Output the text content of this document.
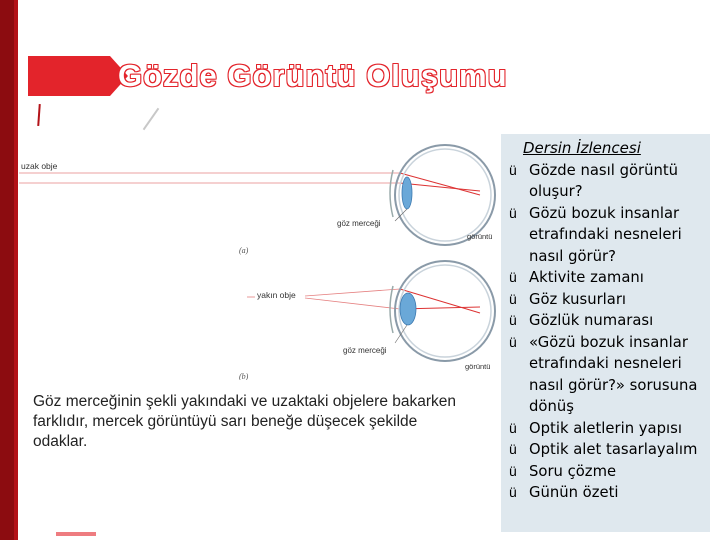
Gözde Görüntü Oluşumu
uzak obje
göz merceği
görüntü
(a)
yakın obje
göz merceği
görüntü
(b)
Göz merceğinin şekli yakındaki ve uzaktaki objelere bakarken farklıdır, mercek görüntüyü sarı beneğe düşecek şekilde odaklar.
Dersin İzlencesi
ü Gözde nasıl görüntü oluşur?
ü Gözü bozuk insanlar etrafındaki nesneleri nasıl görür?
ü Aktivite zamanı
ü Göz kusurları
ü Gözlük numarası
ü «Gözü bozuk insanlar etrafındaki nesneleri nasıl görür?» sorusuna dönüş
ü Optik aletlerin yapısı
ü Optik alet tasarlayalım
ü Soru çözme
ü Günün özeti
